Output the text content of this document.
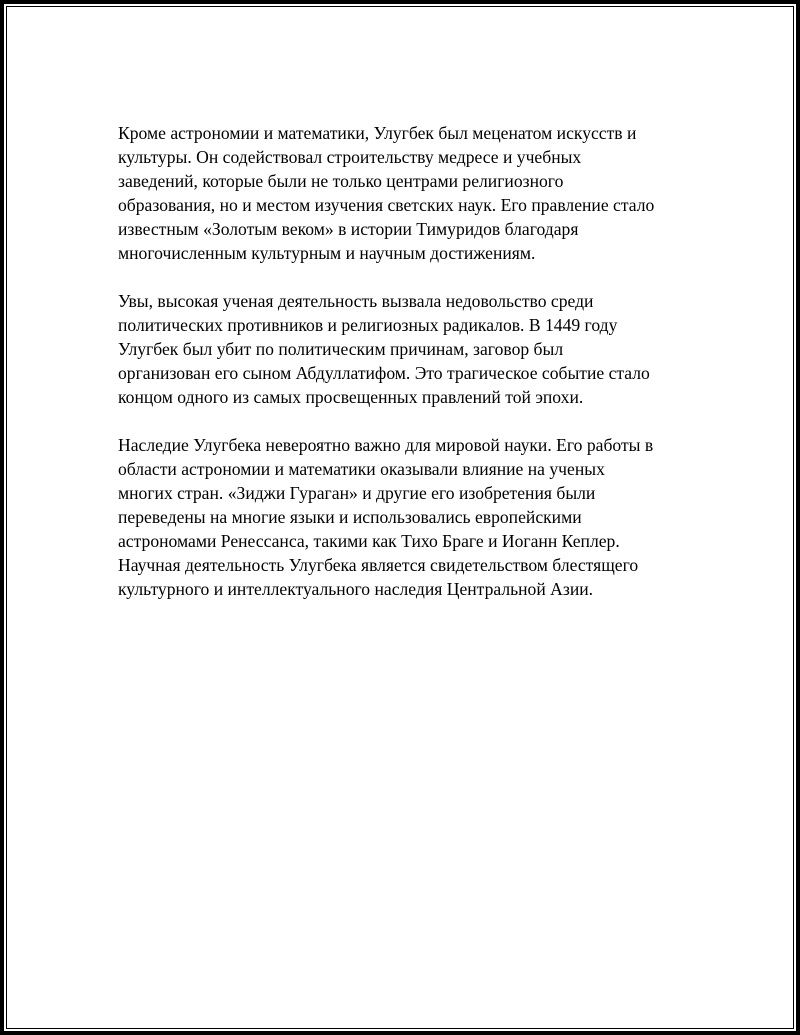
Кроме астрономии и математики, Улугбек был меценатом искусств и
культуры. Он содействовал строительству медресе и учебных
заведений, которые были не только центрами религиозного
образования, но и местом изучения светских наук. Его правление стало
известным «Золотым веком» в истории Тимуридов благодаря
многочисленным культурным и научным достижениям.

Увы, высокая ученая деятельность вызвала недовольство среди
политических противников и религиозных радикалов. В 1449 году
Улугбек был убит по политическим причинам, заговор был
организован его сыном Абдуллатифом. Это трагическое событие стало
концом одного из самых просвещенных правлений той эпохи.

Наследие Улугбека невероятно важно для мировой науки. Его работы в
области астрономии и математики оказывали влияние на ученых
многих стран. «Зиджи Гураган» и другие его изобретения были
переведены на многие языки и использовались европейскими
астрономами Ренессанса, такими как Тихо Браге и Иоганн Кеплер.
Научная деятельность Улугбека является свидетельством блестящего
культурного и интеллектуального наследия Центральной Азии.
